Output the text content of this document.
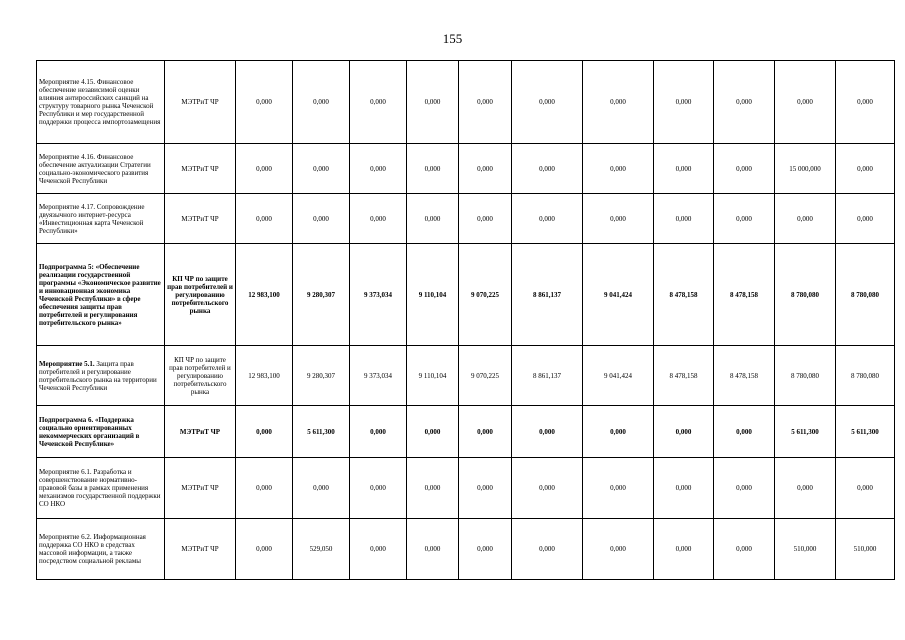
155
Мероприятие 4.15. Финансовое обеспечение независимой оценки влияния антироссийских санкций на структуру товарного рынка Чеченской Республики и мер государственной поддержки процесса импортозамещения	МЭТРиТ ЧР	0,000	0,000	0,000	0,000	0,000	0,000	0,000	0,000	0,000	0,000	0,000
Мероприятие 4.16. Финансовое обеспечение актуализации Стратегии социально-экономического развития Чеченской Республики	МЭТРиТ ЧР	0,000	0,000	0,000	0,000	0,000	0,000	0,000	0,000	0,000	15 000,000	0,000
Мероприятие 4.17. Сопровождение двуязычного интернет-ресурса «Инвестиционная карта Чеченской Республики»	МЭТРиТ ЧР	0,000	0,000	0,000	0,000	0,000	0,000	0,000	0,000	0,000	0,000	0,000
Подпрограмма 5: «Обеспечение реализации государственной программы «Экономическое развитие и инновационная экономика Чеченской Республики» в сфере обеспечения защиты прав потребителей и регулирования потребительского рынка»	КП ЧР по защите прав потребителей и регулированию потребительского рынка	12 983,100	9 280,307	9 373,034	9 110,104	9 070,225	8 861,137	9 041,424	8 478,158	8 478,158	8 780,080	8 780,080
Мероприятие 5.1. Защита прав потребителей и регулирование потребительского рынка на территории Чеченской Республики	КП ЧР по защите прав потребителей и регулированию потребительского рынка	12 983,100	9 280,307	9 373,034	9 110,104	9 070,225	8 861,137	9 041,424	8 478,158	8 478,158	8 780,080	8 780,080
Подпрограмма 6. «Поддержка социально ориентированных некоммерческих организаций в Чеченской Республике»	МЭТРиТ ЧР	0,000	5 611,300	0,000	0,000	0,000	0,000	0,000	0,000	0,000	5 611,300	5 611,300
Мероприятие 6.1. Разработка и совершенствование нормативно-правовой базы в рамках применения механизмов государственной поддержки СО НКО	МЭТРиТ ЧР	0,000	0,000	0,000	0,000	0,000	0,000	0,000	0,000	0,000	0,000	0,000
Мероприятие 6.2. Информационная поддержка СО НКО в средствах массовой информации, а также посредством социальной рекламы	МЭТРиТ ЧР	0,000	529,050	0,000	0,000	0,000	0,000	0,000	0,000	0,000	510,000	510,000
